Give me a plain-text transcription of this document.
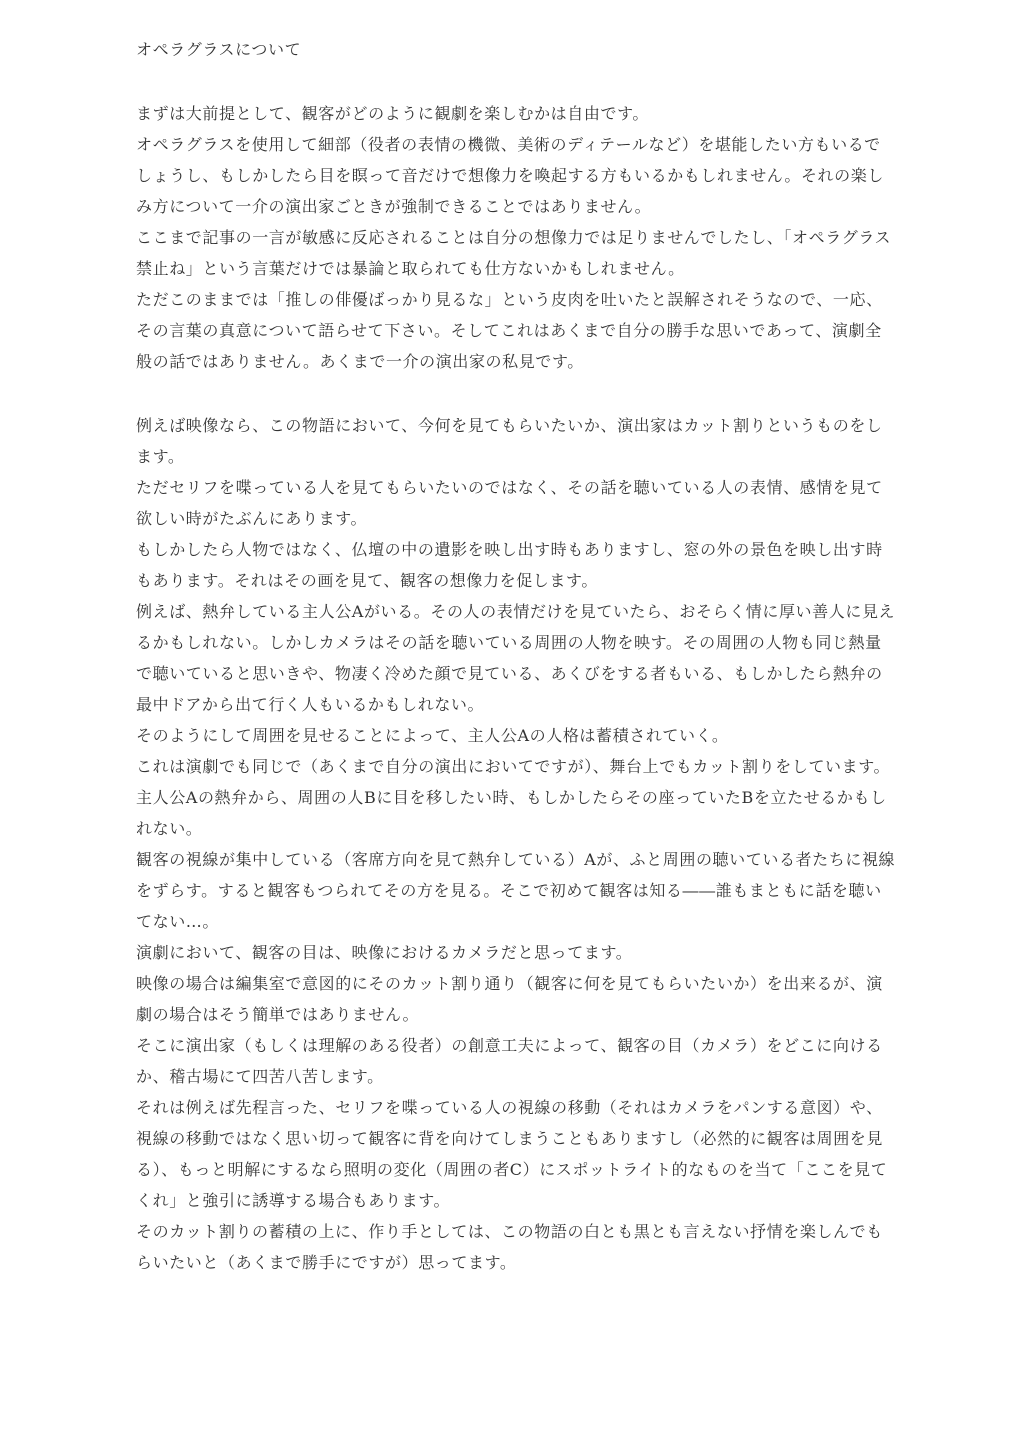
オペラグラスについて

まずは大前提として、観客がどのように観劇を楽しむかは自由です。

オペラグラスを使用して細部（役者の表情の機微、美術のディテールなど）を堪能したい方もいるでしょうし、もしかしたら目を瞑って音だけで想像力を喚起する方もいるかもしれません。それの楽しみ方について一介の演出家ごときが強制できることではありません。

ここまで記事の一言が敏感に反応されることは自分の想像力では足りませんでしたし、「オペラグラス禁止ね」という言葉だけでは暴論と取られても仕方ないかもしれません。

ただこのままでは「推しの俳優ばっかり見るな」という皮肉を吐いたと誤解されそうなので、一応、その言葉の真意について語らせて下さい。そしてこれはあくまで自分の勝手な思いであって、演劇全般の話ではありません。あくまで一介の演出家の私見です。

例えば映像なら、この物語において、今何を見てもらいたいか、演出家はカット割りというものをします。

ただセリフを喋っている人を見てもらいたいのではなく、その話を聴いている人の表情、感情を見て欲しい時がたぶんにあります。

もしかしたら人物ではなく、仏壇の中の遺影を映し出す時もありますし、窓の外の景色を映し出す時もあります。それはその画を見て、観客の想像力を促します。

例えば、熱弁している主人公Aがいる。その人の表情だけを見ていたら、おそらく情に厚い善人に見えるかもしれない。しかしカメラはその話を聴いている周囲の人物を映す。その周囲の人物も同じ熱量で聴いていると思いきや、物凄く冷めた顔で見ている、あくびをする者もいる、もしかしたら熱弁の最中ドアから出て行く人もいるかもしれない。

そのようにして周囲を見せることによって、主人公Aの人格は蓄積されていく。

これは演劇でも同じで（あくまで自分の演出においてですが）、舞台上でもカット割りをしています。

主人公Aの熱弁から、周囲の人Bに目を移したい時、もしかしたらその座っていたBを立たせるかもしれない。

観客の視線が集中している（客席方向を見て熱弁している）Aが、ふと周囲の聴いている者たちに視線をずらす。すると観客もつられてその方を見る。そこで初めて観客は知る――誰もまともに話を聴いてない…。

演劇において、観客の目は、映像におけるカメラだと思ってます。

映像の場合は編集室で意図的にそのカット割り通り（観客に何を見てもらいたいか）を出来るが、演劇の場合はそう簡単ではありません。

そこに演出家（もしくは理解のある役者）の創意工夫によって、観客の目（カメラ）をどこに向けるか、稽古場にて四苦八苦します。

それは例えば先程言った、セリフを喋っている人の視線の移動（それはカメラをパンする意図）や、視線の移動ではなく思い切って観客に背を向けてしまうこともありますし（必然的に観客は周囲を見る）、もっと明解にするなら照明の変化（周囲の者C）にスポットライト的なものを当て「ここを見てくれ」と強引に誘導する場合もあります。

そのカット割りの蓄積の上に、作り手としては、この物語の白とも黒とも言えない抒情を楽しんでもらいたいと（あくまで勝手にですが）思ってます。
